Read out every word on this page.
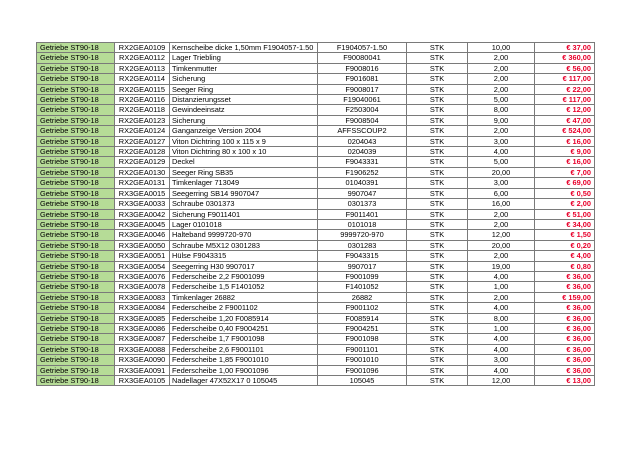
Getriebe ST90-18	RX2GEA0109	Kernscheibe dicke 1,50mm F1904057-1.50	F1904057-1.50	STK	10,00	€ 37,00
Getriebe ST90-18	RX2GEA0112	Lager Triebling	F90080041	STK	2,00	€ 360,00
Getriebe ST90-18	RX2GEA0113	Timkenmutter	F9008016	STK	2,00	€ 56,00
Getriebe ST90-18	RX2GEA0114	Sicherung	F9016081	STK	2,00	€ 117,00
Getriebe ST90-18	RX2GEA0115	Seeger Ring	F9008017	STK	2,00	€ 22,00
Getriebe ST90-18	RX2GEA0116	Distanzierungsset	F19040061	STK	5,00	€ 117,00
Getriebe ST90-18	RX2GEA0118	Gewindeeinsatz	F2503004	STK	8,00	€ 12,00
Getriebe ST90-18	RX2GEA0123	Sicherung	F9008504	STK	9,00	€ 47,00
Getriebe ST90-18	RX2GEA0124	Ganganzeige Version 2004	AFFSSCOUP2	STK	2,00	€ 524,00
Getriebe ST90-18	RX2GEA0127	Viton Dichtring 100 x 115 x 9	0204043	STK	3,00	€ 16,00
Getriebe ST90-18	RX2GEA0128	Viton Dichtring 80 x 100 x 10	0204039	STK	4,00	€ 9,00
Getriebe ST90-18	RX2GEA0129	Deckel	F9043331	STK	5,00	€ 16,00
Getriebe ST90-18	RX2GEA0130	Seeger Ring SB35	F1906252	STK	20,00	€ 7,00
Getriebe ST90-18	RX2GEA0131	Timkenlager 713049	01040391	STK	3,00	€ 69,00
Getriebe ST90-18	RX3GEA0015	Seegerring SB14 9907047	9907047	STK	6,00	€ 0,50
Getriebe ST90-18	RX3GEA0033	Schraube 0301373	0301373	STK	16,00	€ 2,00
Getriebe ST90-18	RX3GEA0042	Sicherung F9011401	F9011401	STK	2,00	€ 51,00
Getriebe ST90-18	RX3GEA0045	Lager 0101018	0101018	STK	2,00	€ 34,00
Getriebe ST90-18	RX3GEA0046	Halteband 9999720-970	9999720-970	STK	12,00	€ 1,50
Getriebe ST90-18	RX3GEA0050	Schraube M5X12 0301283	0301283	STK	20,00	€ 0,20
Getriebe ST90-18	RX3GEA0051	Hülse F9043315	F9043315	STK	2,00	€ 4,00
Getriebe ST90-18	RX3GEA0054	Seegerring H30 9907017	9907017	STK	19,00	€ 0,80
Getriebe ST90-18	RX3GEA0076	Federscheibe 2,2 F9001099	F9001099	STK	4,00	€ 36,00
Getriebe ST90-18	RX3GEA0078	Federscheibe 1,5 F1401052	F1401052	STK	1,00	€ 36,00
Getriebe ST90-18	RX3GEA0083	Timkenlager 26882	26882	STK	2,00	€ 159,00
Getriebe ST90-18	RX3GEA0084	Federscheibe 2 F9001102	F9001102	STK	4,00	€ 36,00
Getriebe ST90-18	RX3GEA0085	Federscheibe 1,20 F0085914	F0085914	STK	8,00	€ 36,00
Getriebe ST90-18	RX3GEA0086	Federscheibe 0,40 F9004251	F9004251	STK	1,00	€ 36,00
Getriebe ST90-18	RX3GEA0087	Federscheibe 1,7 F9001098	F9001098	STK	4,00	€ 36,00
Getriebe ST90-18	RX3GEA0088	Federscheibe 2,6 F9001101	F9001101	STK	4,00	€ 36,00
Getriebe ST90-18	RX3GEA0090	Federscheibe 1,85 F9001010	F9001010	STK	3,00	€ 36,00
Getriebe ST90-18	RX3GEA0091	Federscheibe 1,00 F9001096	F9001096	STK	4,00	€ 36,00
Getriebe ST90-18	RX3GEA0105	Nadellager 47X52X17 0 105045	105045	STK	12,00	€ 13,00
